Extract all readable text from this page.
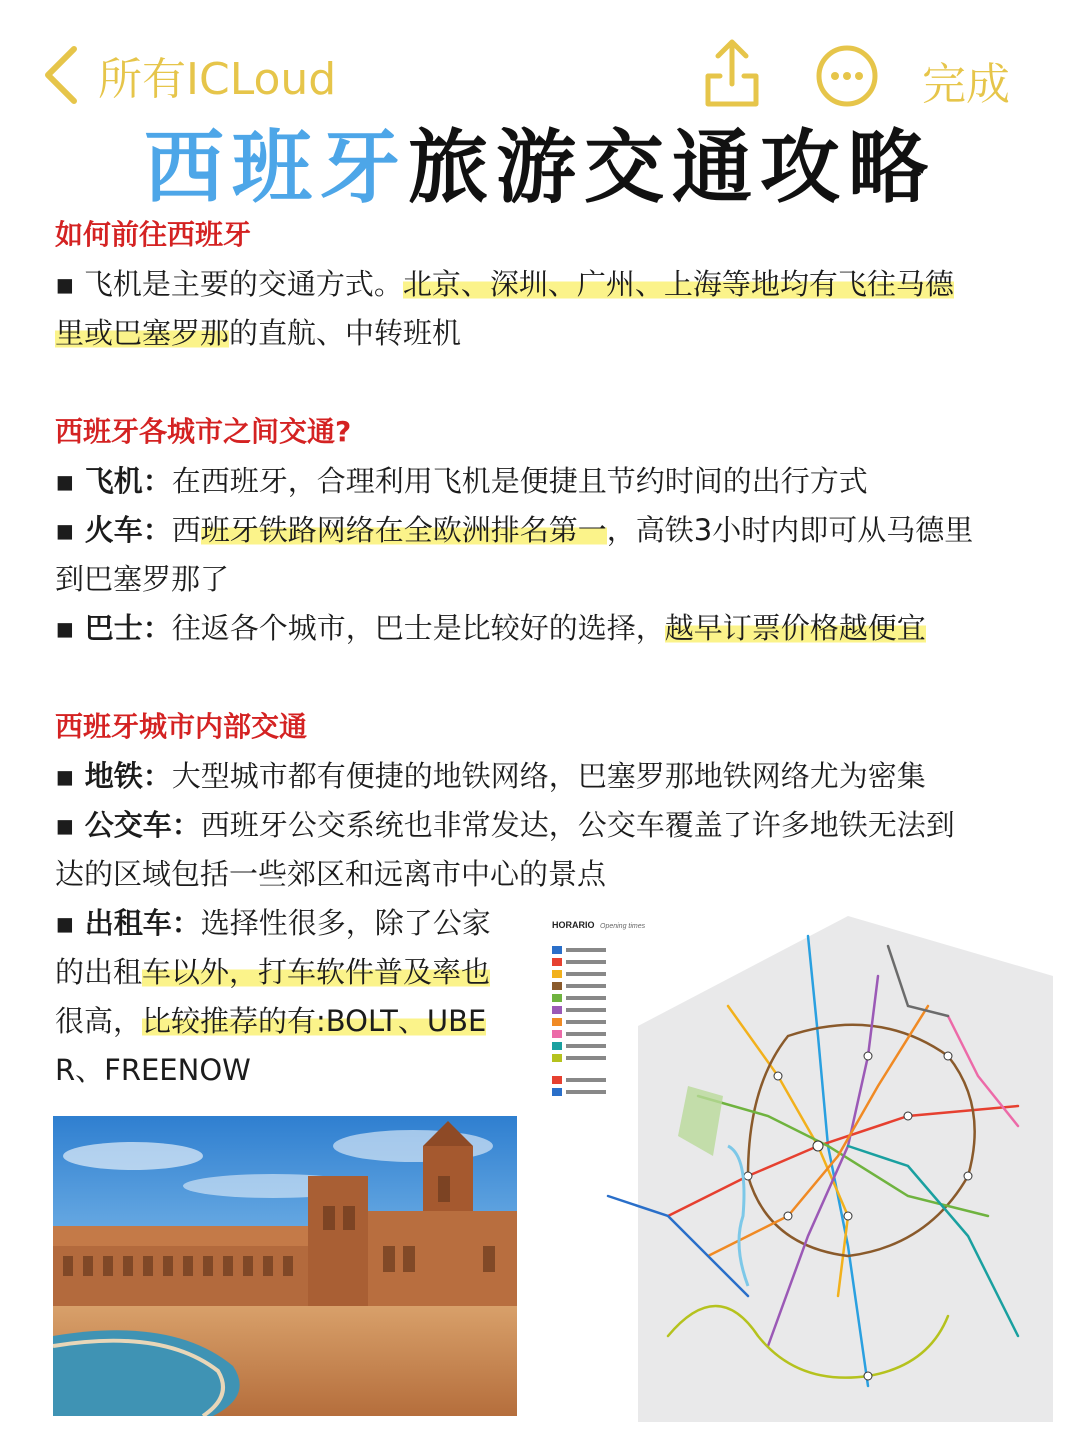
所有ICLoud	完成
西班牙旅游交通攻略
如何前往西班牙
▪ 飞机是主要的交通方式。北京、深圳、广州、上海等地均有飞往马德
里或巴塞罗那的直航、中转班机
西班牙各城市之间交通?
▪ 飞机：在西班牙，合理利用飞机是便捷且节约时间的出行方式
▪ 火车：西班牙铁路网络在全欧洲排名第一，高铁3小时内即可从马德里
到巴塞罗那了
▪ 巴士：往返各个城市，巴士是比较好的选择，越早订票价格越便宜
西班牙城市内部交通
▪ 地铁：大型城市都有便捷的地铁网络，巴塞罗那地铁网络尤为密集
▪ 公交车：西班牙公交系统也非常发达，公交车覆盖了许多地铁无法到
达的区域包括一些郊区和远离市中心的景点
▪ 出租车：选择性很多，除了公家
的出租车以外，打车软件普及率也
很高，比较推荐的有:BOLT、UBE
R、FREENOW
HORARIO Opening times
